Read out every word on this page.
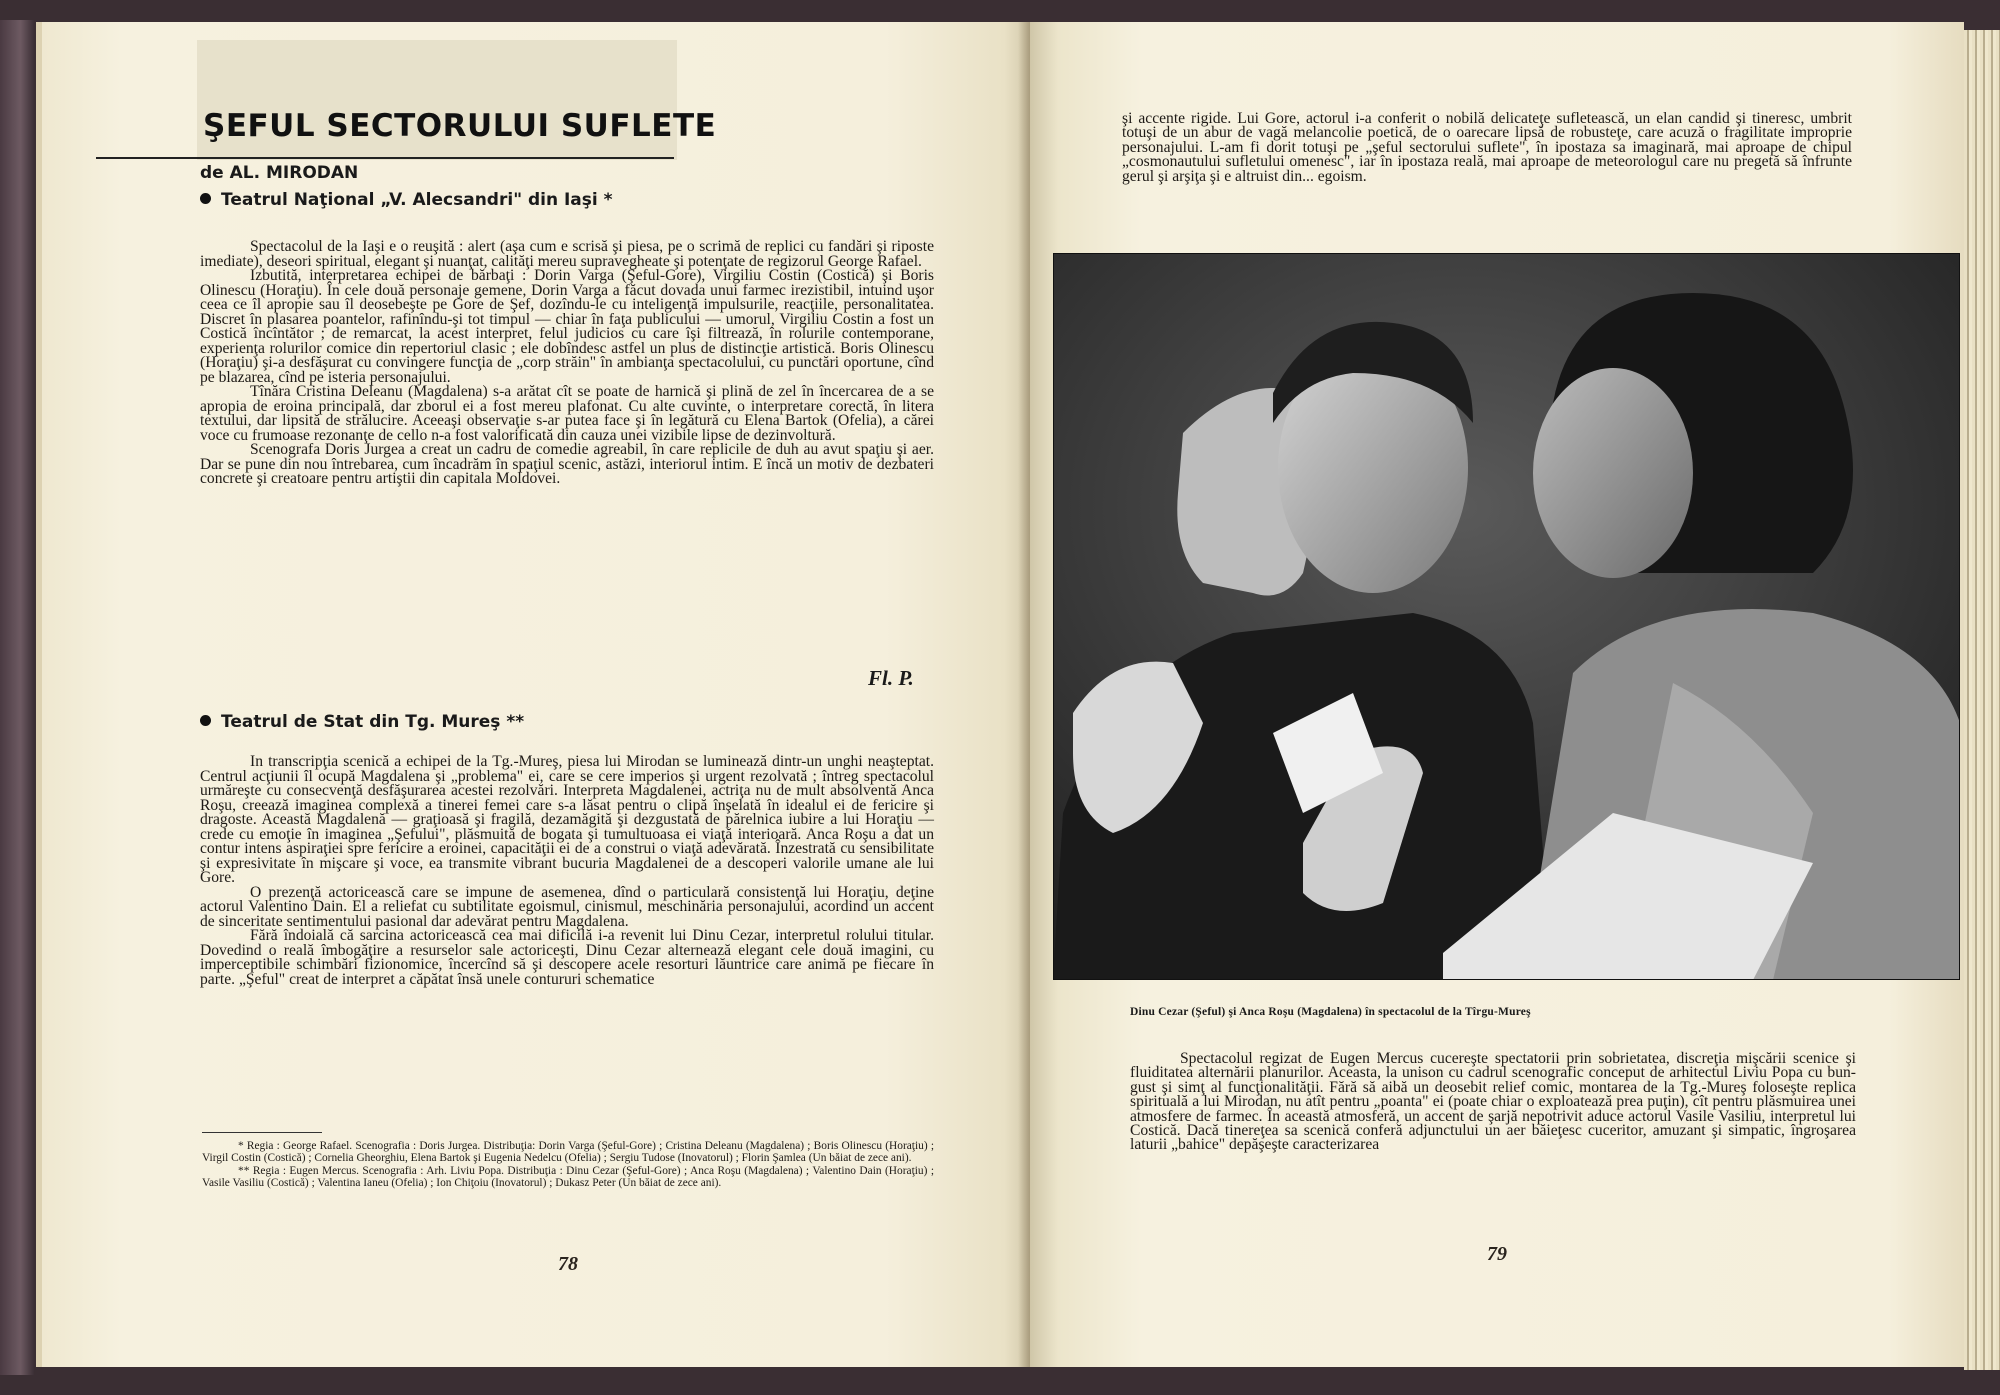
ŞEFUL SECTORULUI SUFLETE
de AL. MIRODAN
Teatrul Naţional „V. Alecsandri" din Iaşi *

Spectacolul de la Iaşi e o reuşită : alert (aşa cum e scrisă şi piesa, pe o scrimă de replici cu fandări şi riposte imediate), deseori spiritual, elegant şi nuanţat, calităţi mereu supravegheate şi potenţate de regizorul George Rafael.

Izbutită, interpretarea echipei de bărbaţi : Dorin Varga (Şeful-Gore), Virgiliu Costin (Costică) şi Boris Olinescu (Horaţiu). În cele două personaje gemene, Dorin Varga a făcut dovada unui farmec irezistibil, intuind uşor ceea ce îl apropie sau îl deosebeşte pe Gore de Şef, dozîndu-le cu inteligenţă impulsurile, reacţiile, personalitatea. Discret în plasarea poantelor, rafinîndu-şi tot timpul — chiar în faţa publicului — umorul, Virgiliu Costin a fost un Costică încîntător ; de remarcat, la acest interpret, felul judicios cu care îşi filtrează, în rolurile contemporane, experienţa rolurilor comice din repertoriul clasic ; ele dobîndesc astfel un plus de distincţie artistică. Boris Olinescu (Horaţiu) şi-a desfăşurat cu convingere funcţia de „corp străin" în ambianţa spectacolului, cu punctări oportune, cînd pe blazarea, cînd pe isteria personajului.

Tînăra Cristina Deleanu (Magdalena) s-a arătat cît se poate de harnică şi plină de zel în încercarea de a se apropia de eroina principală, dar zborul ei a fost mereu plafonat. Cu alte cuvinte, o interpretare corectă, în litera textului, dar lipsită de strălucire. Aceeaşi observaţie s-ar putea face şi în legătură cu Elena Bartok (Ofelia), a cărei voce cu frumoase rezonanţe de cello n-a fost valorificată din cauza unei vizibile lipse de dezinvoltură.

Scenografa Doris Jurgea a creat un cadru de comedie agreabil, în care replicile de duh au avut spaţiu şi aer. Dar se pune din nou întrebarea, cum încadrăm în spaţiul scenic, astăzi, interiorul intim. E încă un motiv de dezbateri concrete şi creatoare pentru artiştii din capitala Moldovei.

Fl. P.
Teatrul de Stat din Tg. Mureş **

In transcripţia scenică a echipei de la Tg.-Mureş, piesa lui Mirodan se luminează dintr-un unghi neaşteptat. Centrul acţiunii îl ocupă Magdalena şi „problema" ei, care se cere imperios şi urgent rezolvată ; întreg spectacolul urmăreşte cu consecvenţă desfăşurarea acestei rezolvări. Interpreta Magdalenei, actriţa nu de mult absolventă Anca Roşu, creează imaginea complexă a tinerei femei care s-a lăsat pentru o clipă înşelată în idealul ei de fericire şi dragoste. Această Magdalenă — graţioasă şi fragilă, dezamăgită şi dezgustată de părelnica iubire a lui Horaţiu — crede cu emoţie în imaginea „Şefului", plăsmuită de bogata şi tumultuoasa ei viaţă interioară. Anca Roşu a dat un contur intens aspiraţiei spre fericire a eroinei, capacităţii ei de a construi o viaţă adevărată. Înzestrată cu sensibilitate şi expresivitate în mişcare şi voce, ea transmite vibrant bucuria Magdalenei de a descoperi valorile umane ale lui Gore.

O prezenţă actoricească care se impune de asemenea, dînd o particulară consistenţă lui Horaţiu, deţine actorul Valentino Dain. El a reliefat cu subtilitate egoismul, cinismul, meschinăria personajului, acordind un accent de sinceritate sentimentului pasional dar adevărat pentru Magdalena.

Fără îndoială că sarcina actoricească cea mai dificilă i-a revenit lui Dinu Cezar, interpretul rolului titular. Dovedind o reală îmbogăţire a resurselor sale actoriceşti, Dinu Cezar alternează elegant cele două imagini, cu imperceptibile schimbări fizionomice, încercînd să şi descopere acele resorturi lăuntrice care animă pe fiecare în parte. „Şeful" creat de interpret a căpătat însă unele contururi schematice

* Regia : George Rafael. Scenografia : Doris Jurgea. Distribuţia: Dorin Varga (Şeful-Gore) ; Cristina Deleanu (Magdalena) ; Boris Olinescu (Horaţiu) ; Virgil Costin (Costică) ; Cornelia Gheorghiu, Elena Bartok şi Eugenia Nedelcu (Ofelia) ; Sergiu Tudose (Inovatorul) ; Florin Şamlea (Un băiat de zece ani).

** Regia : Eugen Mercus. Scenografia : Arh. Liviu Popa. Distribuţia : Dinu Cezar (Şeful-Gore) ; Anca Roşu (Magdalena) ; Valentino Dain (Horaţiu) ; Vasile Vasiliu (Costică) ; Valentina Ianeu (Ofelia) ; Ion Chiţoiu (Inovatorul) ; Dukasz Peter (Un băiat de zece ani).

78

şi accente rigide. Lui Gore, actorul i-a conferit o nobilă delicateţe sufletească, un elan candid şi tineresc, umbrit totuşi de un abur de vagă melancolie poetică, de o oarecare lipsă de robusteţe, care acuză o fragilitate improprie personajului. L-am fi dorit totuşi pe „şeful sectorului suflete", în ipostaza sa imaginară, mai aproape de chipul „cosmonautului sufletului omenesc", iar în ipostaza reală, mai aproape de meteorologul care nu pregetă să înfrunte gerul şi arşiţa şi e altruist din... egoism.

Dinu Cezar (Şeful) şi Anca Roşu (Magdalena) în spectacolul de la Tîrgu-Mureş

Spectacolul regizat de Eugen Mercus cucereşte spectatorii prin sobrietatea, discreţia mişcării scenice şi fluiditatea alternării planurilor. Aceasta, la unison cu cadrul scenografic conceput de arhitectul Liviu Popa cu bun-gust şi simţ al funcţionalităţii. Fără să aibă un deosebit relief comic, montarea de la Tg.-Mureş foloseşte replica spirituală a lui Mirodan, nu atît pentru „poanta" ei (poate chiar o exploatează prea puţin), cît pentru plăsmuirea unei atmosfere de farmec. În această atmosferă, un accent de şarjă nepotrivit aduce actorul Vasile Vasiliu, interpretul lui Costică. Dacă tinereţea sa scenică conferă adjunctului un aer băieţesc cuceritor, amuzant şi simpatic, îngroşarea laturii „bahice" depăşeşte caracterizarea

79
